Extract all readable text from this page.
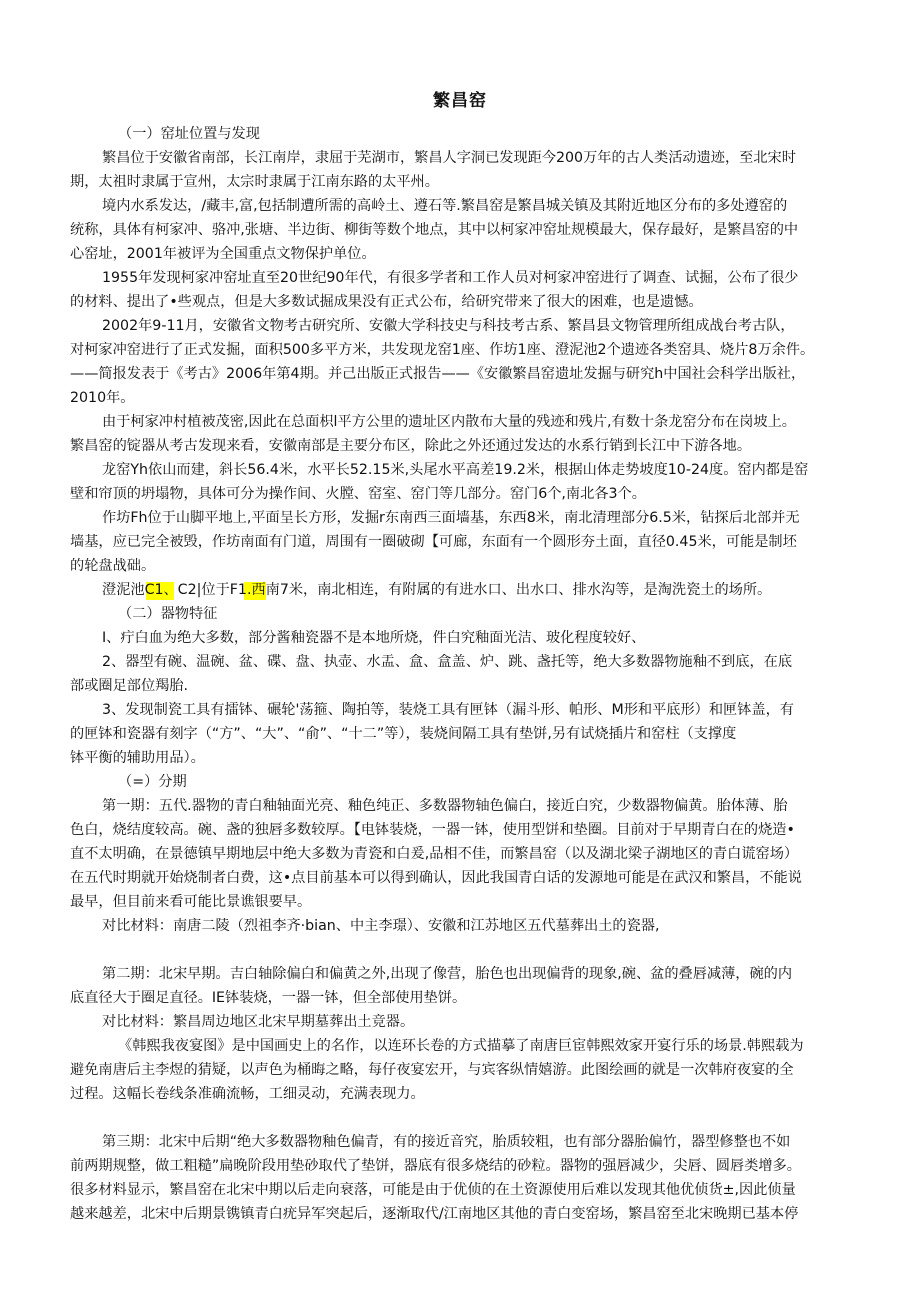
繁昌窑
（一）窑址位置与发现
繁昌位于安徽省南部，长江南岸，隶屈于芜湖市，繁昌人字洞已发现距今200万年的古人类活动遗迹，至北宋时
期，太祖时隶属于宣州，太宗时隶属于江南东路的太平州。
境内水系发达，/藏丰,富,包括制遭所需的高岭土、遵石等.繁昌窑是繁昌城关镇及其附近地区分布的多处遵窑的
统称，具体有柯家冲、骆冲,张塘、半边街、柳街等数个地点，其中以柯家冲窑址规模最大，保存最好，是繁昌窑的中
心窑址，2001年被评为全国重点文物保护单位。
1955年发现柯家冲窑址直至20世纪90年代，有很多学者和工作人员对柯家冲窑进行了调查、试掘，公布了很少
的材料、提出了•些观点，但是大多数试掘成果没有正式公布，给研究带来了很大的困难，也是遗憾。
2002年9-11月，安徽省文物考古研究所、安徽大学科技史与科技考古系、繁昌县文物管理所组成战台考古队，
对柯家冲窑进行了正式发掘，面积500多平方米，共发现龙窑1座、作坊1座、澄泥池2个遗迹各类窑具、烧片8万余件。
——简报发表于《考古》2006年第4期。并己出版正式报告——《安徽繁昌窑遗址发掘与研究h中国社会科学出版社，
2010年。
由于柯家冲村植被茂密,因此在总面枳l平方公里的遗址区内散布大量的残迹和残片,有数十条龙窑分布在岗坡上。
繁昌窑的锭器从考古发现来看，安徽南部是主要分布区，除此之外还通过发达的水系行销到长江中下游各地。
龙窑Yh依山而建，斜长56.4米，水平长52.15米,头尾水平高差19.2米，根据山体走势坡度10-24度。窑内都是窑
壁和帘顶的坍塌物，具体可分为操作间、火膛、窑室、窑门等几部分。窑门6个,南北各3个。
作坊Fh位于山脚平地上,平面呈长方形，发掘r东南西三面墙基，东西8米，南北清理部分6.5米，钻探后北部并无
墙基，应已完全被毁，作坊南面有门道，周围有一圈破砌【可廊，东面有一个圆形夯土面，直径0.45米，可能是制坯
的轮盘战础。
澄泥池C1、C2|位于F1.西南7米，南北相连，有附属的有进水口、出水口、排水沟等，是淘洗瓷土的场所。
（二）器物特征
I、疔白血为绝大多数，部分酱釉瓷器不是本地所烧，件白究釉面光洁、玻化程度较好、
2、器型有碗、温碗、盆、碟、盘、执壶、水盂、盒、盒盖、炉、跳、盏托等，绝大多数器物施釉不到底，在底
部或圈足部位羯胎.
3、发现制瓷工具有擂钵、碾轮'荡箍、陶拍等，装烧工具有匣钵（漏斗形、帕形、M形和平底形）和匣钵盖，有
的匣钵和瓷器有刻字（“方”、“大”、“俞”、“十二”等），装烧间隔工具有垫饼,另有试烧插片和窑柱（支撑度
钵平衡的辅助用品）。
（=）分期
第一期：五代.器物的青白釉轴面光亮、釉色纯正、多数器物轴色偏白，接近白究，少数器物偏黄。胎体薄、胎
色白，烧结度较高。碗、盏的独唇多数较厚。【电钵装烧，一器一钵，使用型饼和垫圈。目前对于早期青白在的烧造•
直不太明确，在景德镇早期地层中绝大多数为青瓷和白爰,品相不佳，而繁昌窑（以及湖北梁子湖地区的青白谎窑场）
在五代时期就开始烧制者白费，这•点目前基本可以得到确认，因此我国青白话的发源地可能是在武汉和繁昌，不能说
最早，但目前来看可能比景谯银要早。
对比材料：南唐二陵（烈祖李齐·bian、中主李璟）、安徽和江苏地区五代墓葬出土的瓷器,
第二期：北宋早期。吉白轴除偏白和偏黄之外,出现了像营，胎色也出现偏背的现象,碗、盆的叠唇减薄，碗的内
底直径大于圈足直径。IE钵装烧，一器一钵，但全部使用垫饼。
对比材料：繁昌周边地区北宋早期墓葬出土竞器。
《韩熙我夜宴图》是中国画史上的名作，以连环长卷的方式描摹了南唐巨宦韩熙效家开宴行乐的场景.韩熙载为
避免南唐后主李煜的猜疑，以声色为桶晦之略，每仔夜宴宏开，与宾客纵情嬉游。此图绘画的就是一次韩府夜宴的全
过程。这幅长卷线条准确流畅，工细灵动，充满表现力。
第三期：北宋中后期“绝大多数器物釉色偏青，有的接近音究，胎质较粗，也有部分器胎偏竹，器型修整也不如
前两期规整，做工粗糙”扁晚阶段用垫砂取代了垫饼，器底有很多烧结的砂粒。器物的强唇减少，尖唇、圆唇类增多。
很多材料显示，繁昌窑在北宋中期以后走向衰落，可能是由于优侦的在土资源使用后难以发现其他优侦货±,因此侦量
越来越差，北宋中后期景镌镇青白疣异军突起后，逐渐取代/江南地区其他的青白变窑场，繁昌窑至北宋晚期已基本停
